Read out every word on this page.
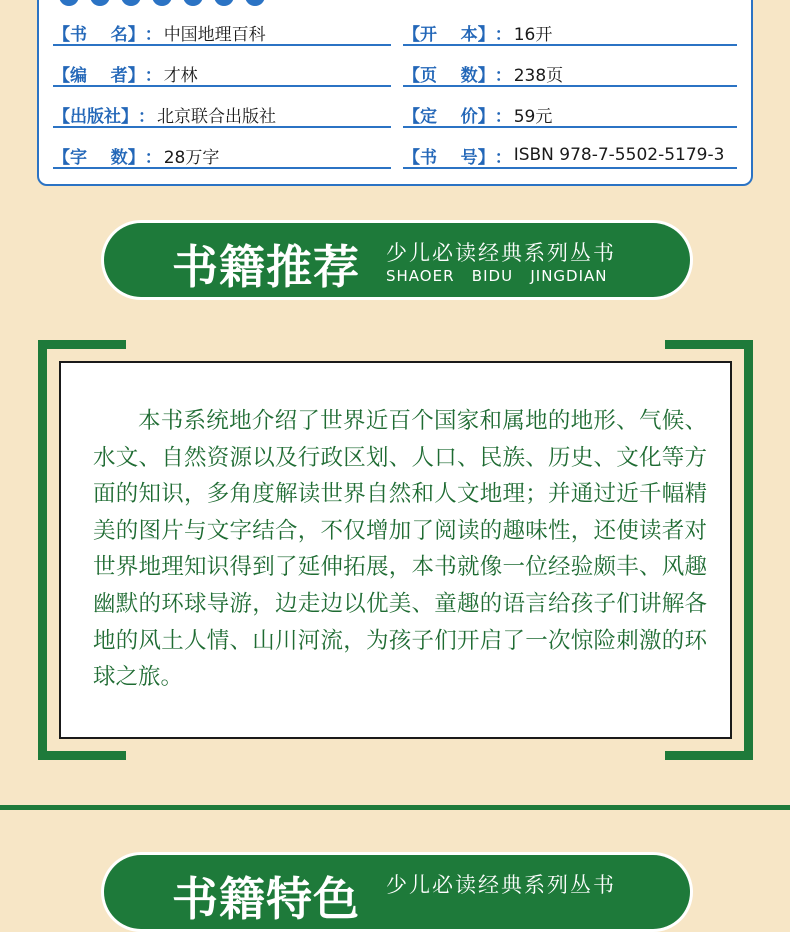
【 书    名 】 ： 中国地理百科	【 开    本 】 ： 16开
【 编    者 】 ： 才林	【 页    数 】 ： 238页
【 出版社 】 ： 北京联合出版社	【 定    价 】 ： 59元
【 字    数 】 ： 28万字	【 书    号 】 ： ISBN 978-7-5502-5179-3
书籍推荐 少儿必读经典系列丛书
SHAOER   BIDU   JINGDIAN

本书系统地介绍了世界近百个国家和属地的地形、气候、水文、自然资源以及行政区划、人口、民族、历史、文化等方面的知识，多角度解读世界自然和人文地理；并通过近千幅精美的图片与文字结合，不仅增加了阅读的趣味性，还使读者对世界地理知识得到了延伸拓展，本书就像一位经验颇丰、风趣幽默的环球导游，边走边以优美、童趣的语言给孩子们讲解各地的风土人情、山川河流，为孩子们开启了一次惊险刺激的环球之旅。

书籍特色 少儿必读经典系列丛书
